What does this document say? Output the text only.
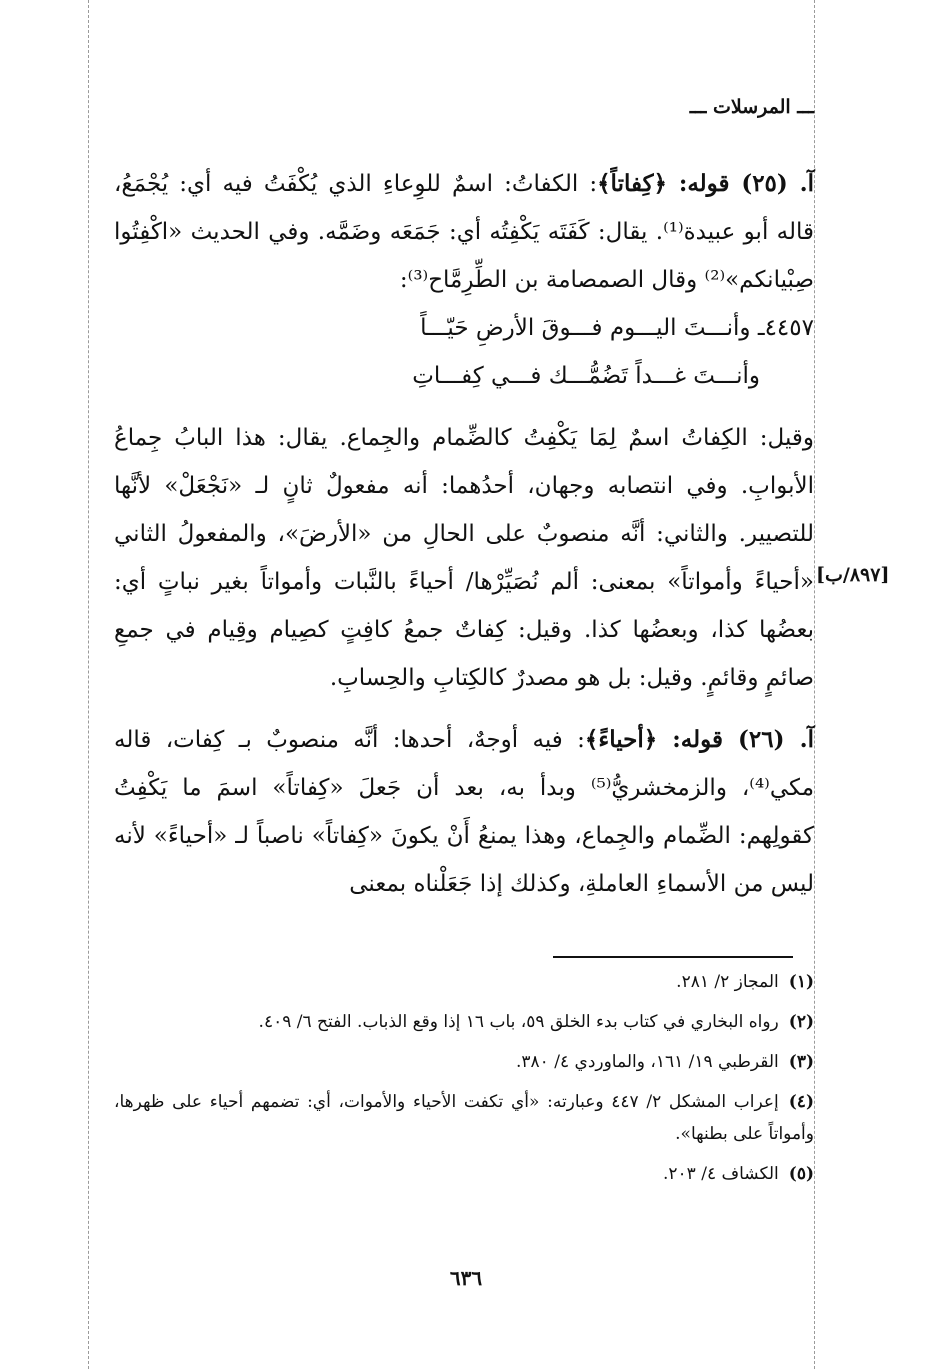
ـــ المرسلات ـــ

آ. (٢٥) قوله: ﴿كِفاتاً﴾: الكفاتُ: اسمٌ للوِعاءِ الذي يُكْفَتُ فيه أي: يُجْمَعُ، قاله أبو عبيدة⁽¹⁾. يقال: كَفَتَه يَكْفِتُه أي: جَمَعَه وضَمَّه. وفي الحديث «اكْفِتُوا صِبْيانكم»⁽²⁾ وقال الصمصامة بن الطِّرِمَّاح⁽³⁾:

٤٤٥٧ـ وأنـــتَ اليـــوم فـــوقَ الأرضِ حَيّـــاً

وأنـــتَ غـــداً تَضُمُّـــك فـــي كِفـــاتِ

وقيل: الكِفاتُ اسمٌ لِمَا يَكْفِتُ كالضِّمام والجِماع. يقال: هذا البابُ جِماعُ الأبوابِ. وفي انتصابه وجهان، أحدُهما: أنه مفعولٌ ثانٍ لـ «نَجْعَلْ» لأنَّها للتصيير. والثاني: أنَّه منصوبٌ على الحالِ من «الأرضَ»، والمفعولُ الثاني «أحياءً وأمواتاً» بمعنى: ألم نُصَيِّرْها/ أحياءً بالنَّبات وأمواتاً بغير نباتٍ أي: بعضُها كذا، وبعضُها كذا. وقيل: كِفاتٌ جمعُ كافِتٍ كصِيام وقِيام في جمعِ صائمٍ وقائمٍ. وقيل: بل هو مصدرٌ كالكِتابِ والحِسابِ.

آ. (٢٦) قوله: ﴿أحياءً﴾: فيه أوجهٌ، أحدها: أنَّه منصوبٌ بـ كِفات، قاله مكي⁽⁴⁾، والزمخشريُّ⁽⁵⁾ وبدأ به، بعد أن جَعلَ «كِفاتاً» اسمَ ما يَكْفِتُ كقولِهم: الضِّمام والجِماع، وهذا يمنعُ أَنْ يكونَ «كِفاتاً» ناصباً لـ «أحياءً» لأنه ليس من الأسماءِ العاملةِ، وكذلك إذا جَعَلْناه بمعنى

[٨٩٧/ب]

(١)المجاز ٢/ ٢٨١.

(٢)رواه البخاري في كتاب بدء الخلق ٥٩، باب ١٦ إذا وقع الذباب. الفتح ٦/ ٤٠٩.

(٣)القرطبي ١٩/ ١٦١، والماوردي ٤/ ٣٨٠.

(٤)إعراب المشكل ٢/ ٤٤٧ وعبارته: «أي تكفت الأحياء والأموات، أي: تضمهم أحياء على ظهرها، وأمواتاً على بطنها».

(٥)الكشاف ٤/ ٢٠٣.

٦٣٦
